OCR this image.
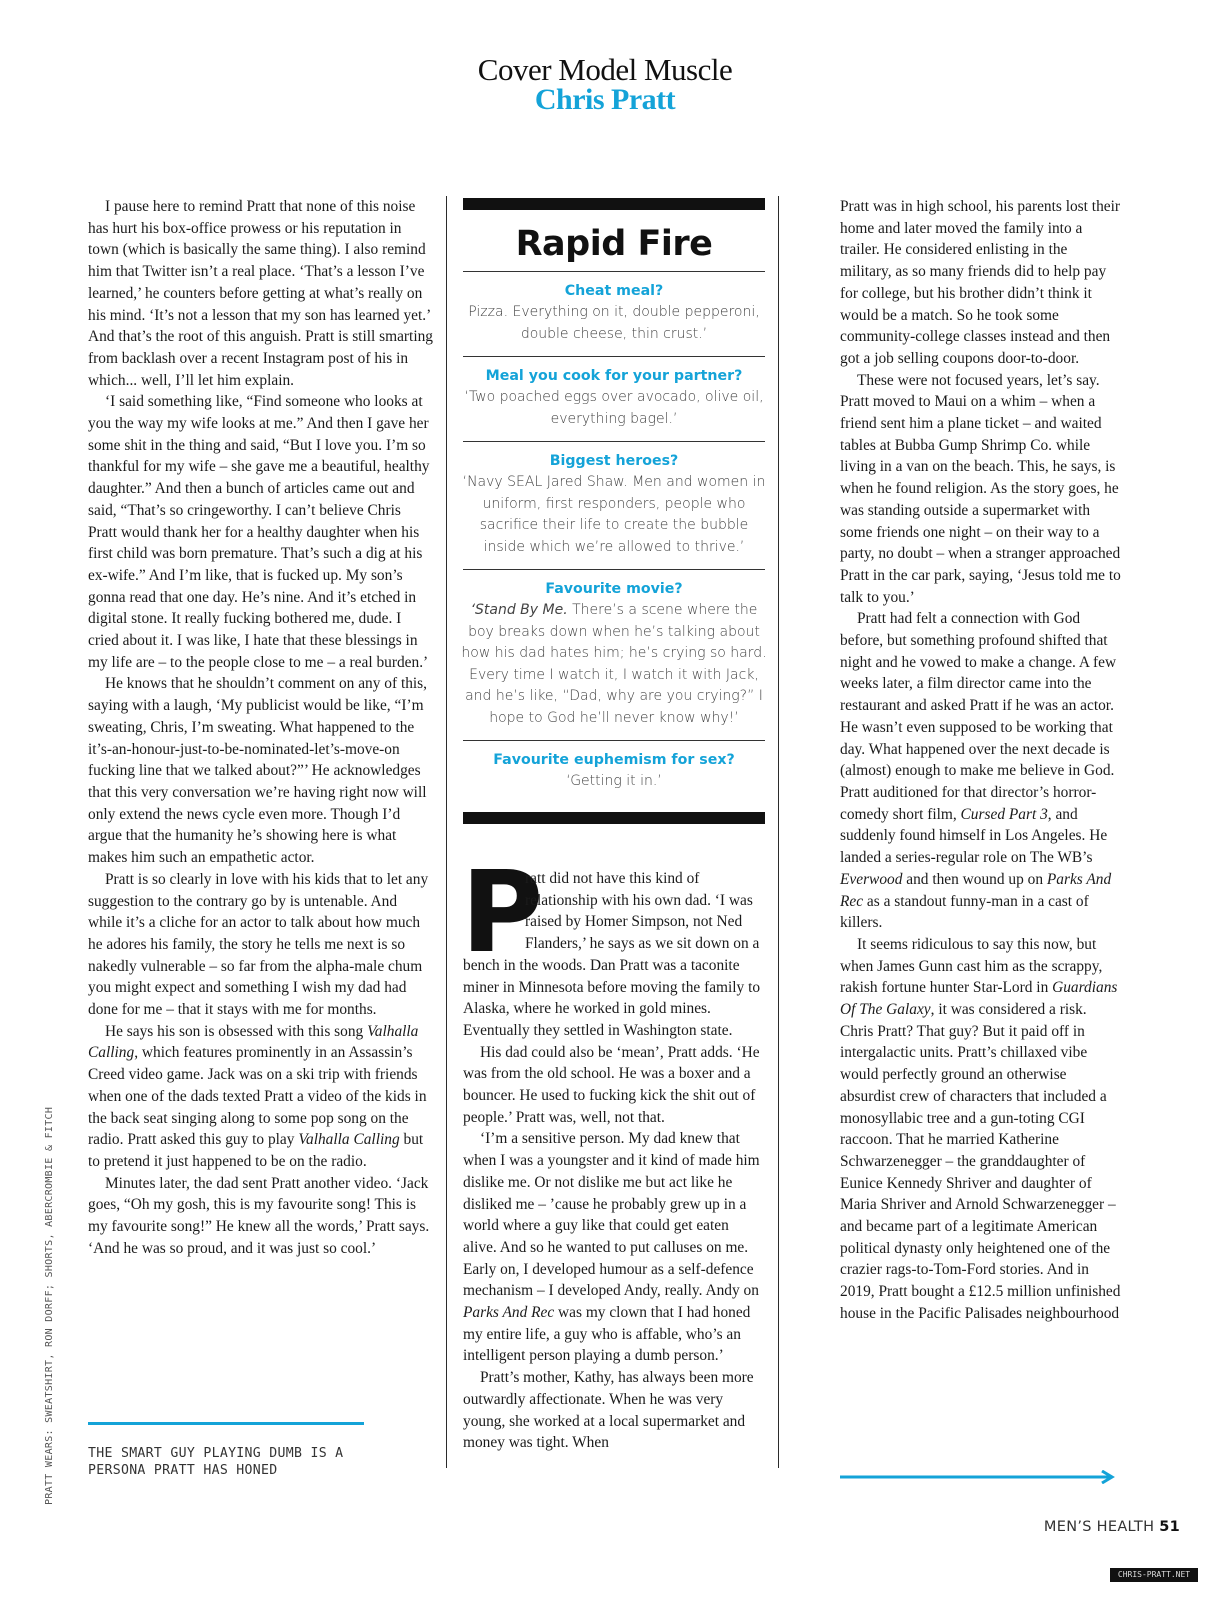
Cover Model Muscle
Chris Pratt

I pause here to remind Pratt that none of this noise has hurt his box-office prowess or his reputation in town (which is basically the same thing). I also remind him that Twitter isn’t a real place. ‘That’s a lesson I’ve learned,’ he counters before getting at what’s really on his mind. ‘It’s not a lesson that my son has learned yet.’ And that’s the root of this anguish. Pratt is still smarting from backlash over a recent Instagram post of his in which... well, I’ll let him explain.

‘I said something like, “Find someone who looks at you the way my wife looks at me.” And then I gave her some shit in the thing and said, “But I love you. I’m so thankful for my wife – she gave me a beautiful, healthy daughter.” And then a bunch of articles came out and said, “That’s so cringeworthy. I can’t believe Chris Pratt would thank her for a healthy daughter when his first child was born premature. That’s such a dig at his ex-wife.” And I’m like, that is fucked up. My son’s gonna read that one day. He’s nine. And it’s etched in digital stone. It really fucking bothered me, dude. I cried about it. I was like, I hate that these blessings in my life are – to the people close to me – a real burden.’

He knows that he shouldn’t comment on any of this, saying with a laugh, ‘My publicist would be like, “I’m sweating, Chris, I’m sweating. What happened to the it’s-an-honour-just-to-be-nominated-let’s-move-on fucking line that we talked about?”’ He acknowledges that this very conversation we’re having right now will only extend the news cycle even more. Though I’d argue that the humanity he’s showing here is what makes him such an empathetic actor.

Pratt is so clearly in love with his kids that to let any suggestion to the contrary go by is untenable. And while it’s a cliche for an actor to talk about how much he adores his family, the story he tells me next is so nakedly vulnerable – so far from the alpha-male chum you might expect and something I wish my dad had done for me – that it stays with me for months.

He says his son is obsessed with this song Valhalla Calling, which features prominently in an Assassin’s Creed video game. Jack was on a ski trip with friends when one of the dads texted Pratt a video of the kids in the back seat singing along to some pop song on the radio. Pratt asked this guy to play Valhalla Calling but to pretend it just happened to be on the radio.

Minutes later, the dad sent Pratt another video. ‘Jack goes, “Oh my gosh, this is my favourite song! This is my favourite song!” He knew all the words,’ Pratt says. ‘And he was so proud, and it was just so cool.’

THE SMART GUY PLAYING DUMB IS A PERSONA PRATT HAS HONED
PRATT WEARS: SWEATSHIRT, RON DORFF; SHORTS, ABERCROMBIE & FITCH
Rapid Fire
Cheat meal?
Pizza. Everything on it, double pepperoni, double cheese, thin crust.’
Meal you cook for your partner?
‘Two poached eggs over avocado, olive oil, everything bagel.’
Biggest heroes?
‘Navy SEAL Jared Shaw. Men and women in uniform, first responders, people who sacrifice their life to create the bubble inside which we’re allowed to thrive.’
Favourite movie?
‘Stand By Me. There’s a scene where the boy breaks down when he’s talking about how his dad hates him; he’s crying so hard. Every time I watch it, I watch it with Jack, and he’s like, “Dad, why are you crying?” I hope to God he’ll never know why!’
Favourite euphemism for sex?
‘Getting it in.’
P

ratt did not have this kind of relationship with his own dad. ‘I was raised by Homer Simpson, not Ned Flanders,’ he says as we sit down on a bench in the woods. Dan Pratt was a taconite miner in Minnesota before moving the family to Alaska, where he worked in gold mines. Eventually they settled in Washington state.

His dad could also be ‘mean’, Pratt adds. ‘He was from the old school. He was a boxer and a bouncer. He used to fucking kick the shit out of people.’ Pratt was, well, not that.

‘I’m a sensitive person. My dad knew that when I was a youngster and it kind of made him dislike me. Or not dislike me but act like he disliked me – ’cause he probably grew up in a world where a guy like that could get eaten alive. And so he wanted to put calluses on me. Early on, I developed humour as a self-defence mechanism – I developed Andy, really. Andy on Parks And Rec was my clown that I had honed my entire life, a guy who is affable, who’s an intelligent person playing a dumb person.’

Pratt’s mother, Kathy, has always been more outwardly affectionate. When he was very young, she worked at a local supermarket and money was tight. When

Pratt was in high school, his parents lost their home and later moved the family into a trailer. He considered enlisting in the military, as so many friends did to help pay for college, but his brother didn’t think it would be a match. So he took some community-college classes instead and then got a job selling coupons door-to-door.

These were not focused years, let’s say. Pratt moved to Maui on a whim – when a friend sent him a plane ticket – and waited tables at Bubba Gump Shrimp Co. while living in a van on the beach. This, he says, is when he found religion. As the story goes, he was standing outside a supermarket with some friends one night – on their way to a party, no doubt – when a stranger approached Pratt in the car park, saying, ‘Jesus told me to talk to you.’

Pratt had felt a connection with God before, but something profound shifted that night and he vowed to make a change. A few weeks later, a film director came into the restaurant and asked Pratt if he was an actor. He wasn’t even supposed to be working that day. What happened over the next decade is (almost) enough to make me believe in God. Pratt auditioned for that director’s horror-comedy short film, Cursed Part 3, and suddenly found himself in Los Angeles. He landed a series-regular role on The WB’s Everwood and then wound up on Parks And Rec as a standout funny-man in a cast of killers.

It seems ridiculous to say this now, but when James Gunn cast him as the scrappy, rakish fortune hunter Star-Lord in Guardians Of The Galaxy, it was considered a risk. Chris Pratt? That guy? But it paid off in intergalactic units. Pratt’s chillaxed vibe would perfectly ground an otherwise absurdist crew of characters that included a monosyllabic tree and a gun-toting CGI raccoon. That he married Katherine Schwarzenegger – the granddaughter of Eunice Kennedy Shriver and daughter of Maria Shriver and Arnold Schwarzenegger – and became part of a legitimate American political dynasty only heightened one of the crazier rags-to-Tom-Ford stories. And in 2019, Pratt bought a £12.5 million unfinished house in the Pacific Palisades neighbourhood

MEN’S HEALTH 51
CHRIS-PRATT.NET
